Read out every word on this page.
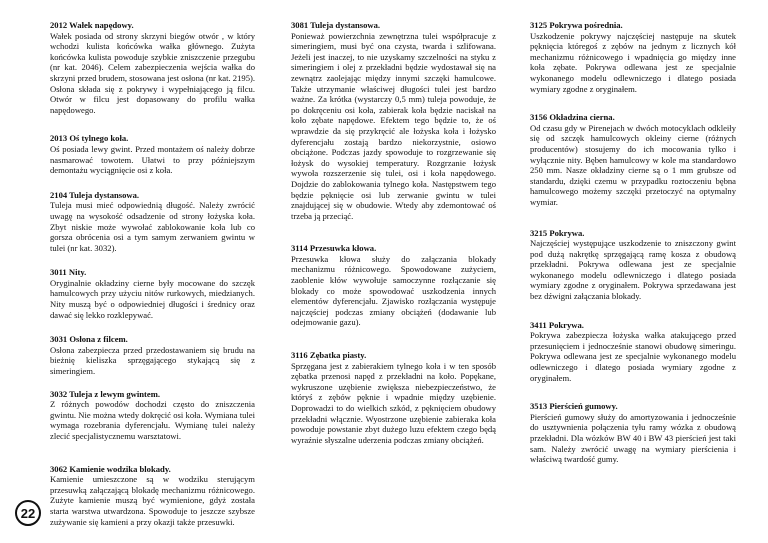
2012 Wałek napędowy.

Wałek posiada od strony skrzyni biegów otwór , w który wchodzi kulista końcówka wałka głównego. Zużyta końcówka kulista powoduje szybkie zniszczenie przegubu (nr kat. 2046). Celem zabezpieczenia wejścia wałka do skrzyni przed brudem, stosowana jest osłona (nr kat. 2195). Osłona składa się z pokrywy i wypełniającego ją filcu. Otwór w filcu jest dopasowany do profilu wałka napędowego.

2013 Oś tylnego koła.

Oś posiada lewy gwint. Przed montażem oś należy dobrze nasmarować towotem. Ułatwi to przy późniejszym demontażu wyciągnięcie osi z koła.

2104 Tuleja dystansowa.

Tuleja musi mieć odpowiednią długość. Należy zwrócić uwagę na wysokość odsadzenie od strony łożyska koła. Zbyt niskie może wywołać zablokowanie koła lub co gorsza obrócenia osi a tym samym zerwaniem gwintu w tulei (nr kat. 3032).

3011 Nity.

Oryginalnie okładziny cierne były mocowane do szczęk hamulcowych przy użyciu nitów rurkowych, miedzianych. Nity muszą być o odpowiedniej długości i średnicy oraz dawać się lekko rozklepywać.

3031 Osłona z filcem.

Osłona zabezpiecza przed przedostawaniem się brudu na bieżnię kieliszka sprzęgającego stykającą się z simeringiem.

3032 Tuleja z lewym gwintem.

Z różnych powodów dochodzi często do zniszczenia gwintu. Nie można wtedy dokręcić osi koła. Wymiana tulei wymaga rozebrania dyferencjału. Wymianę tulei należy zlecić specjalistycznemu warsztatowi.

3062 Kamienie wodzika blokady.

Kamienie umieszczone są w wodziku sterującym przesuwką załączającą blokadę mechanizmu różnicowego. Zużyte kamienie muszą być wymienione, gdyż została starta warstwa utwardzona. Spowoduje to jeszcze szybsze zużywanie się kamieni a przy okazji także przesuwki.

3081 Tuleja dystansowa.

Ponieważ powierzchnia zewnętrzna tulei współpracuje z simeringiem, musi być ona czysta, twarda i szlifowana. Jeżeli jest inaczej, to nie uzyskamy szczelności na styku z simeringiem i olej z przekładni będzie wydostawał się na zewnątrz zaolejając między innymi szczęki hamulcowe. Także utrzymanie właściwej długości tulei jest bardzo ważne. Za krótka (wystarczy 0,5 mm) tuleja powoduje, że po dokręceniu osi koła, zabierak koła będzie naciskał na koło zębate napędowe. Efektem tego będzie to, że oś wprawdzie da się przykręcić ale łożyska koła i łożysko dyferencjału zostają bardzo niekorzystnie, osiowo obciążone. Podczas jazdy spowoduje to rozgrzewanie się łożysk do wysokiej temperatury. Rozgrzanie łożysk wywoła rozszerzenie się tulei, osi i koła napędowego. Dojdzie do zablokowania tylnego koła. Następstwem tego będzie pęknięcie osi lub zerwanie gwintu w tulei znajdującej się w obudowie. Wtedy aby zdemontować oś trzeba ją przeciąć.

3114 Przesuwka kłowa.

Przesuwka kłowa służy do załączania blokady mechanizmu różnicowego. Spowodowane zużyciem, zaoblenie kłów wywołuje samoczynne rozłączanie się blokady co może spowodować uszkodzenia innych elementów dyferencjału. Zjawisko rozłączania występuje najczęściej podczas zmiany obciążeń (dodawanie lub odejmowanie gazu).

3116 Zębatka piasty.

Sprzęgana jest z zabierakiem tylnego koła i w ten sposób zębatka przenosi napęd z przekładni na koło. Popękane, wykruszone uzębienie zwiększa niebezpieczeństwo, że któryś z zębów pęknie i wpadnie między uzębienie. Doprowadzi to do wielkich szkód, z pęknięciem obudowy przekładni włącznie. Wyostrzone uzębienie zabieraka koła powoduje powstanie zbyt dużego luzu efektem czego będą wyraźnie słyszalne uderzenia podczas zmiany obciążeń.

3125 Pokrywa pośrednia.

Uszkodzenie pokrywy najczęściej następuje na skutek pęknięcia któregoś z zębów na jednym z licznych kół mechanizmu różnicowego i wpadnięcia go między inne koła zębate. Pokrywa odlewana jest ze specjalnie wykonanego modelu odlewniczego i dlatego posiada wymiary zgodne z oryginałem.

3156 Okładzina cierna.

Od czasu gdy w Pirenejach w dwóch motocyklach odkleiły się od szczęk hamulcowych okleiny cierne (różnych producentów) stosujemy do ich mocowania tylko i wyłącznie nity. Bęben hamulcowy w kole ma standardowo 250 mm. Nasze okładziny cierne są o 1 mm grubsze od standardu, dzięki czemu w przypadku roztoczeniu bębna hamulcowego możemy szczęki przetoczyć na optymalny wymiar.

3215 Pokrywa.

Najczęściej występujące uszkodzenie to zniszczony gwint pod dużą nakrętkę sprzęgającą ramę kosza z obudową przekładni. Pokrywa odlewana jest ze specjalnie wykonanego modelu odlewniczego i dlatego posiada wymiary zgodne z oryginałem. Pokrywa sprzedawana jest bez dźwigni załączania blokady.

3411 Pokrywa.

Pokrywa zabezpiecza łożyska wałka atakującego przed przesunięciem i jednocześnie stanowi obudowę simeringu. Pokrywa odlewana jest ze specjalnie wykonanego modelu odlewniczego i dlatego posiada wymiary zgodne z oryginałem.

3513 Pierścień gumowy.

Pierścień gumowy służy do amortyzowania i jednocześnie do usztywnienia połączenia tyłu ramy wózka z obudową przekładni. Dla wózków BW 40 i BW 43 pierścień jest taki sam. Należy zwrócić uwagę na wymiary pierścienia i właściwą twardość gumy.

22
